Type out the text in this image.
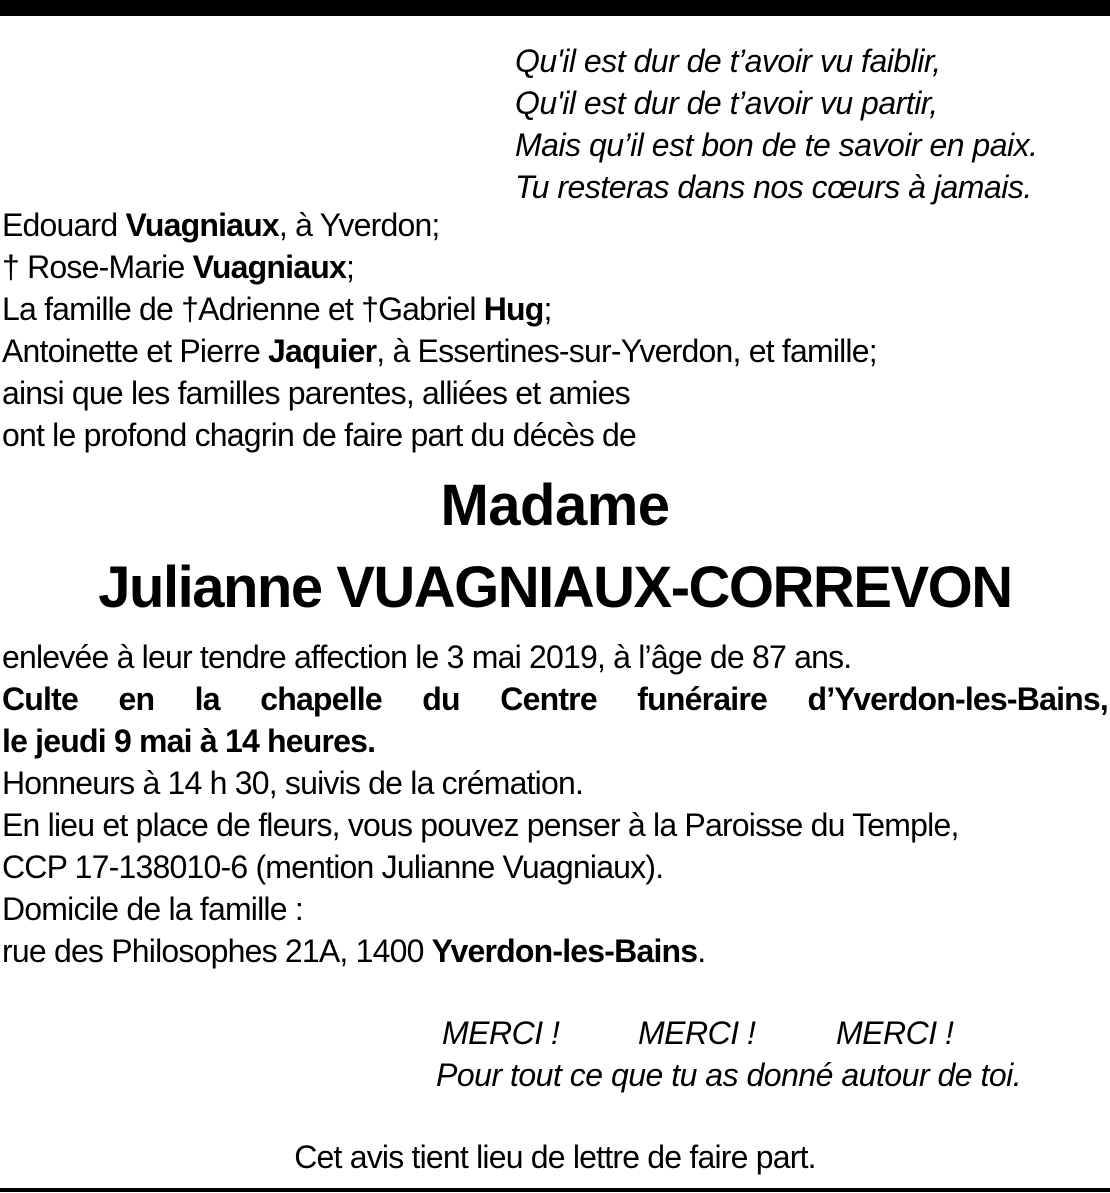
Qu'il est dur de t’avoir vu faiblir,
Qu'il est dur de t’avoir vu partir,
Mais qu’il est bon de te savoir en paix.
Tu resteras dans nos cœurs à jamais.
Edouard Vuagniaux, à Yverdon;
† Rose-Marie Vuagniaux;
La famille de †Adrienne et †Gabriel Hug;
Antoinette et Pierre Jaquier, à Essertines-sur-Yverdon, et famille;
ainsi que les familles parentes, alliées et amies
ont le profond chagrin de faire part du décès de
Madame
Julianne VUAGNIAUX-CORREVON
enlevée à leur tendre affection le 3 mai 2019, à l’âge de 87 ans.
Culte en la chapelle du Centre funéraire d’Yverdon-les-Bains,
le jeudi 9 mai à 14 heures.
Honneurs à 14 h 30, suivis de la crémation.
En lieu et place de fleurs, vous pouvez penser à la Paroisse du Temple,
CCP 17-138010-6 (mention Julianne Vuagniaux).
Domicile de la famille :
rue des Philosophes 21A, 1400 Yverdon-les-Bains.
MERCI ! MERCI !	MERCI !
Pour tout ce que tu as donné autour de toi.
Cet avis tient lieu de lettre de faire part.
